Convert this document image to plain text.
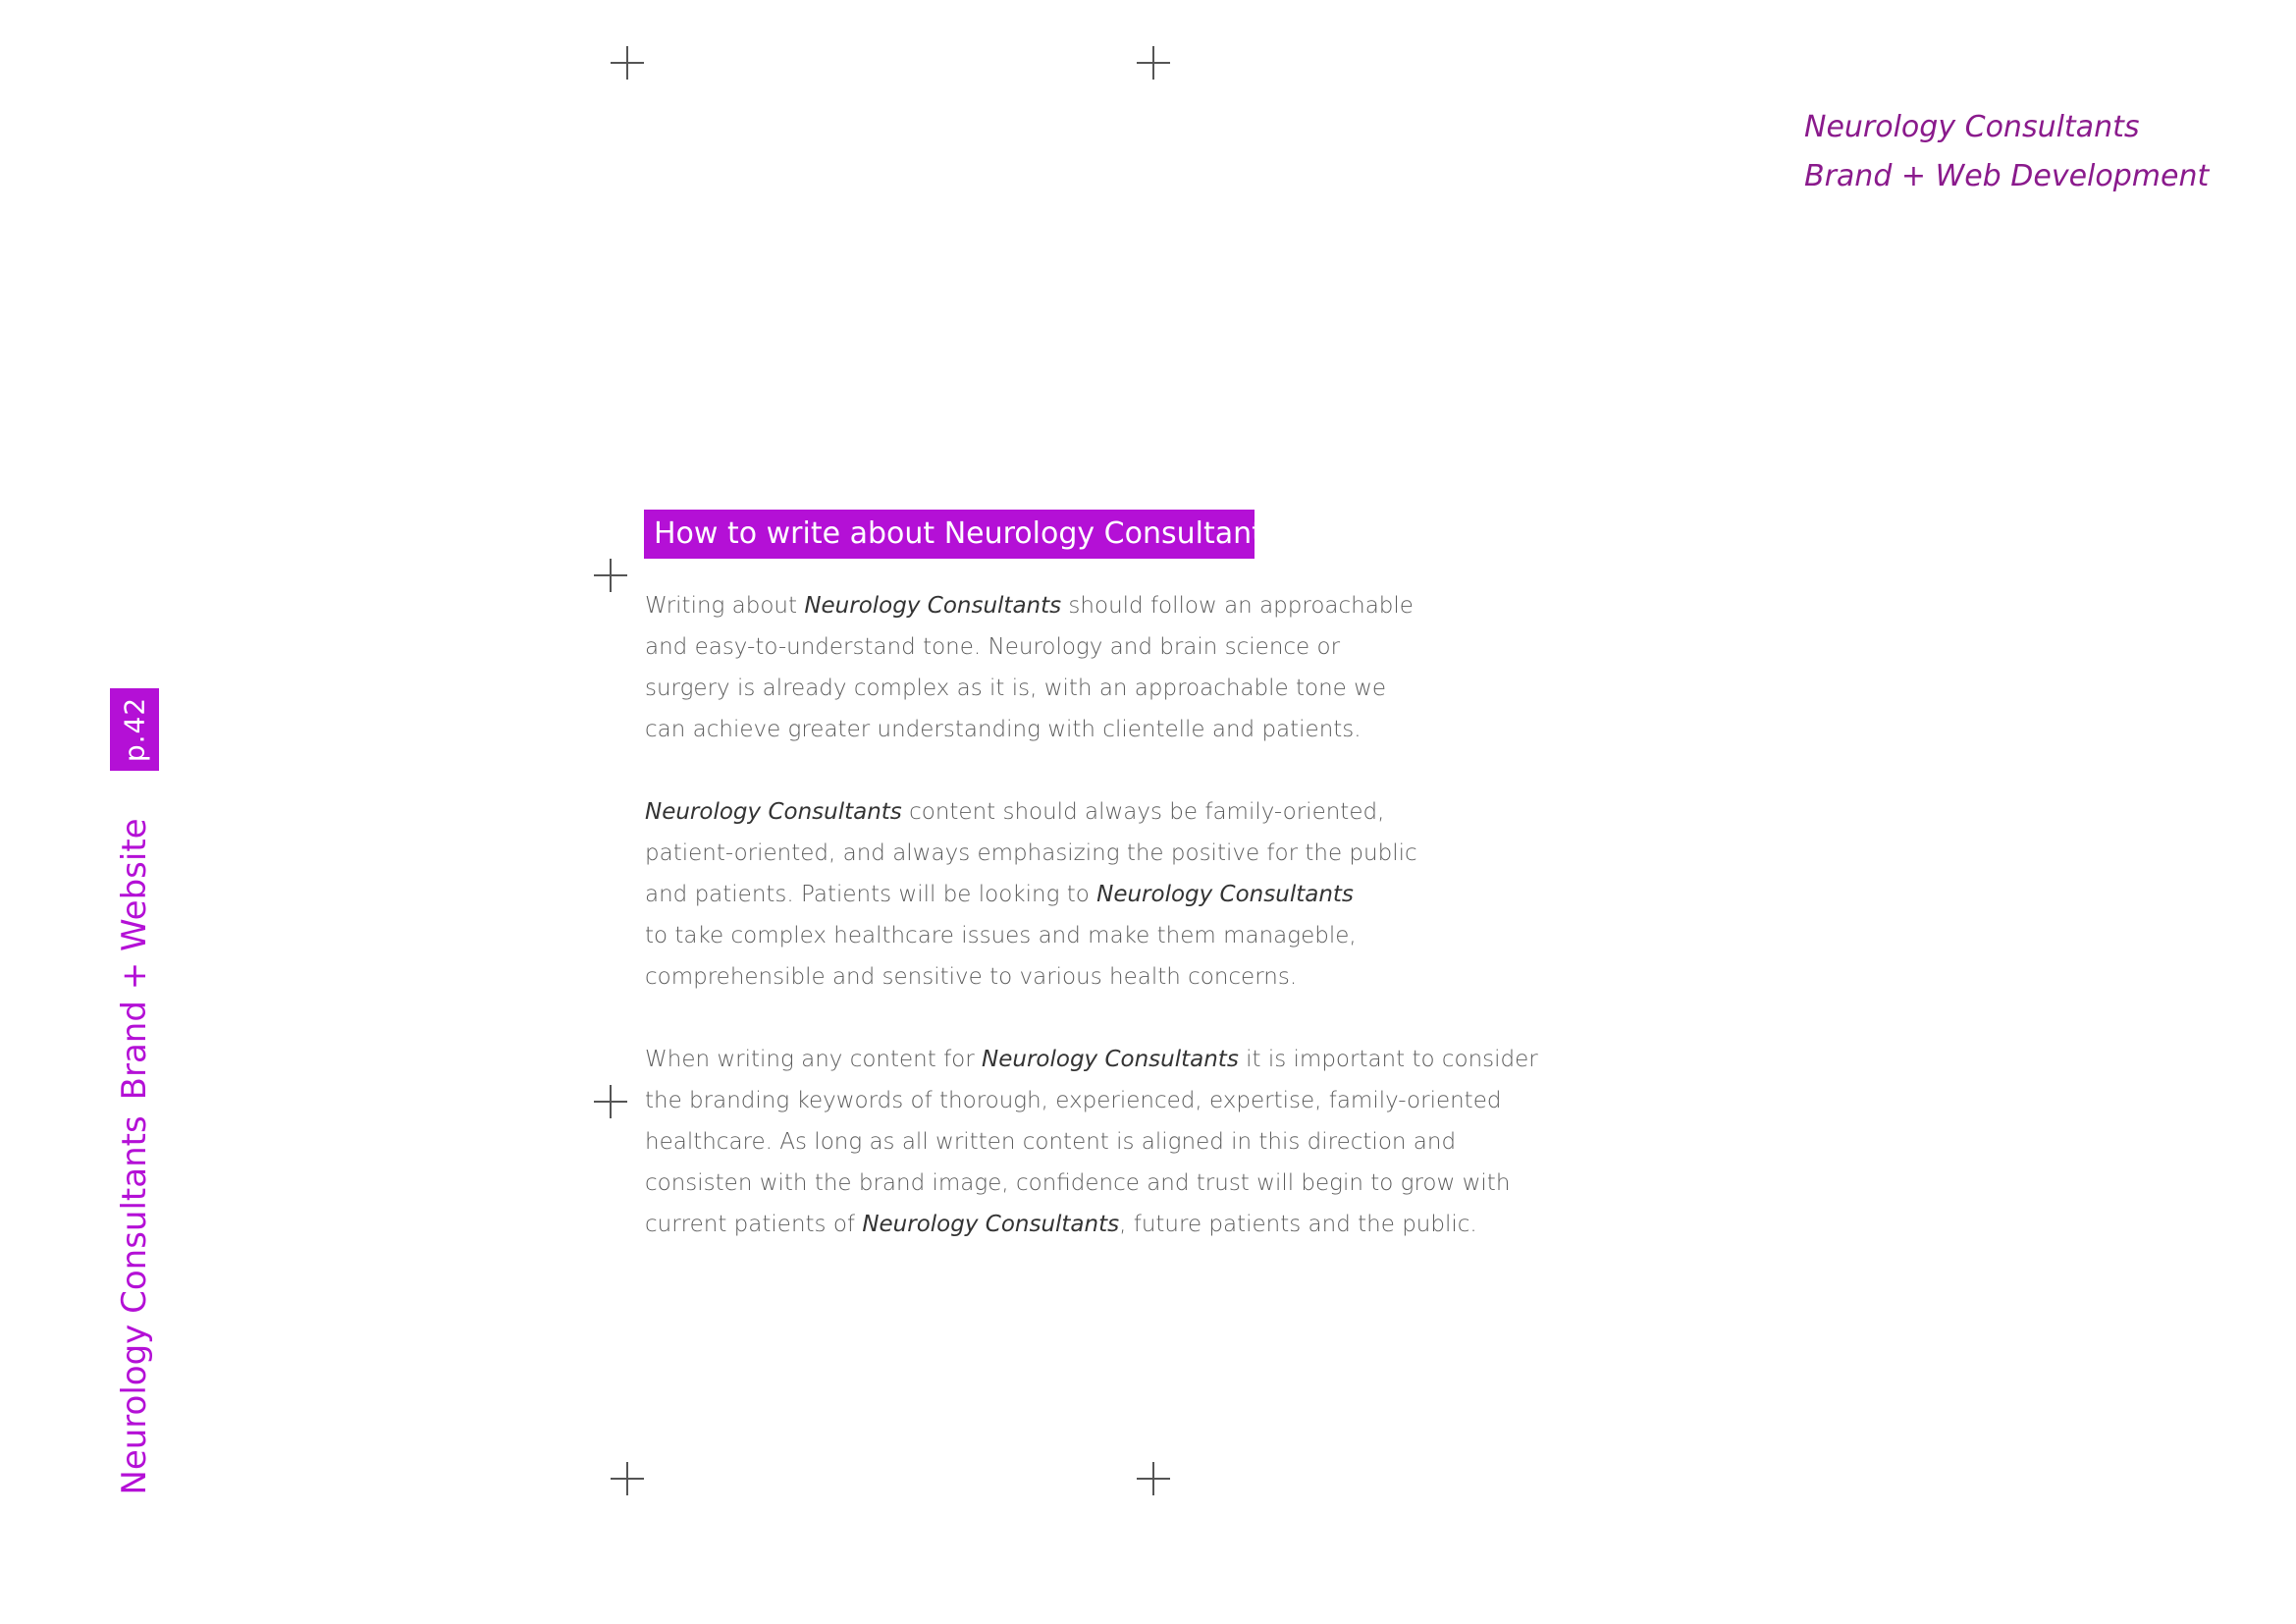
Neurology Consultants
Brand + Web Development
p.42
Neurology ConsultantsBrand + Website
How to write about Neurology Consultants

Writing about Neurology Consultants should follow an approachable
and easy-to-understand tone. Neurology and brain science or
surgery is already complex as it is, with an approachable tone we
can achieve greater understanding with clientelle and patients.

Neurology Consultants content should always be family-oriented,
patient-oriented, and always emphasizing the positive for the public
and patients. Patients will be looking to Neurology Consultants
to take complex healthcare issues and make them manageble,
comprehensible and sensitive to various health concerns.

When writing any content for Neurology Consultants it is important to consider
the branding keywords of thorough, experienced, expertise, family-oriented
healthcare. As long as all written content is aligned in this direction and
consisten with the brand image, confidence and trust will begin to grow with
current patients of Neurology Consultants, future patients and the public.
